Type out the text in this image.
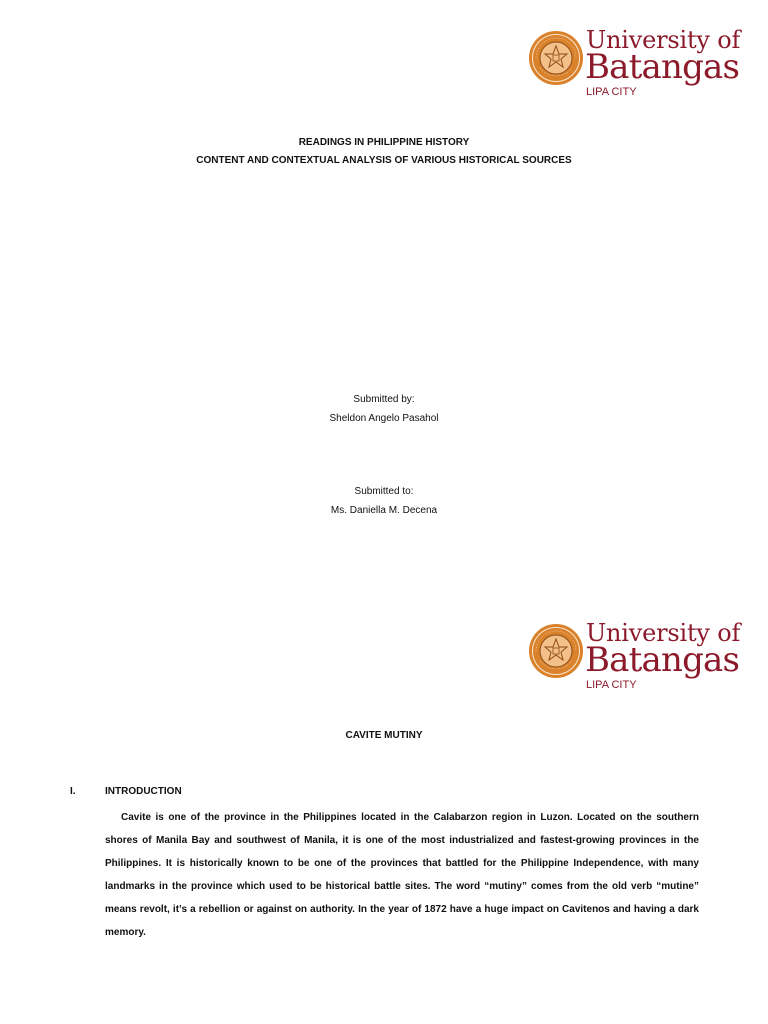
University of
Batangas
LIPA CITY
READINGS IN PHILIPPINE HISTORY
CONTENT AND CONTEXTUAL ANALYSIS OF VARIOUS HISTORICAL SOURCES
Submitted by:
Sheldon Angelo Pasahol
Submitted to:
Ms. Daniella M. Decena
University of
Batangas
LIPA CITY
CAVITE MUTINY
I.	INTRODUCTION

Cavite is one of the province in the Philippines located in the Calabarzon region in Luzon. Located on the southern shores of Manila Bay and southwest of Manila, it is one of the most industrialized and fastest-growing provinces in the Philippines. It is historically known to be one of the provinces that battled for the Philippine Independence, with many landmarks in the province which used to be historical battle sites. The word “mutiny” comes from the old verb “mutine” means revolt, it’s a rebellion or against on authority. In the year of 1872 have a huge impact on Cavitenos and having a dark memory.
